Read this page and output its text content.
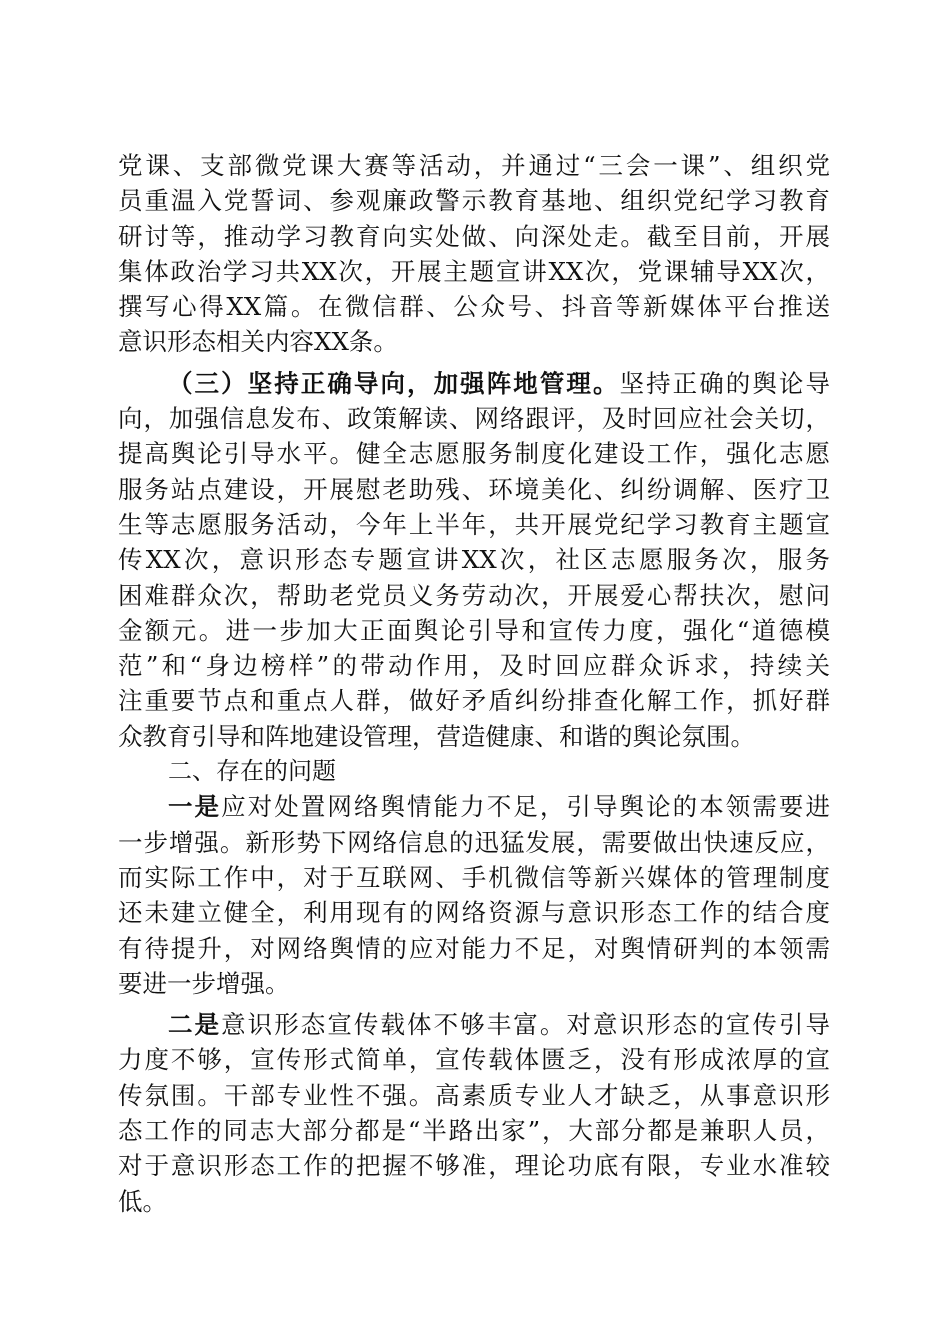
党课、支部微党课大赛等活动，并通过“三会一课”、组织党
员重温入党誓词、参观廉政警示教育基地、组织党纪学习教育
研讨等，推动学习教育向实处做、向深处走。截至目前，开展
集体政治学习共XX次，开展主题宣讲XX次，党课辅导XX次，
撰写心得XX篇。在微信群、公众号、抖音等新媒体平台推送
意识形态相关内容XX条。
（三）坚持正确导向，加强阵地管理。坚持正确的舆论导
向，加强信息发布、政策解读、网络跟评，及时回应社会关切，
提高舆论引导水平。健全志愿服务制度化建设工作，强化志愿
服务站点建设，开展慰老助残、环境美化、纠纷调解、医疗卫
生等志愿服务活动，今年上半年，共开展党纪学习教育主题宣
传XX次，意识形态专题宣讲XX次，社区志愿服务次，服务
困难群众次，帮助老党员义务劳动次，开展爱心帮扶次，慰问
金额元。进一步加大正面舆论引导和宣传力度，强化“道德模
范”和“身边榜样”的带动作用，及时回应群众诉求，持续关
注重要节点和重点人群，做好矛盾纠纷排查化解工作，抓好群
众教育引导和阵地建设管理，营造健康、和谐的舆论氛围。
二、存在的问题
一是应对处置网络舆情能力不足，引导舆论的本领需要进
一步增强。新形势下网络信息的迅猛发展，需要做出快速反应，
而实际工作中，对于互联网、手机微信等新兴媒体的管理制度
还未建立健全，利用现有的网络资源与意识形态工作的结合度
有待提升，对网络舆情的应对能力不足，对舆情研判的本领需
要进一步增强。
二是意识形态宣传载体不够丰富。对意识形态的宣传引导
力度不够，宣传形式简单，宣传载体匮乏，没有形成浓厚的宣
传氛围。干部专业性不强。高素质专业人才缺乏，从事意识形
态工作的同志大部分都是“半路出家”，大部分都是兼职人员，
对于意识形态工作的把握不够准，理论功底有限，专业水准较
低。
